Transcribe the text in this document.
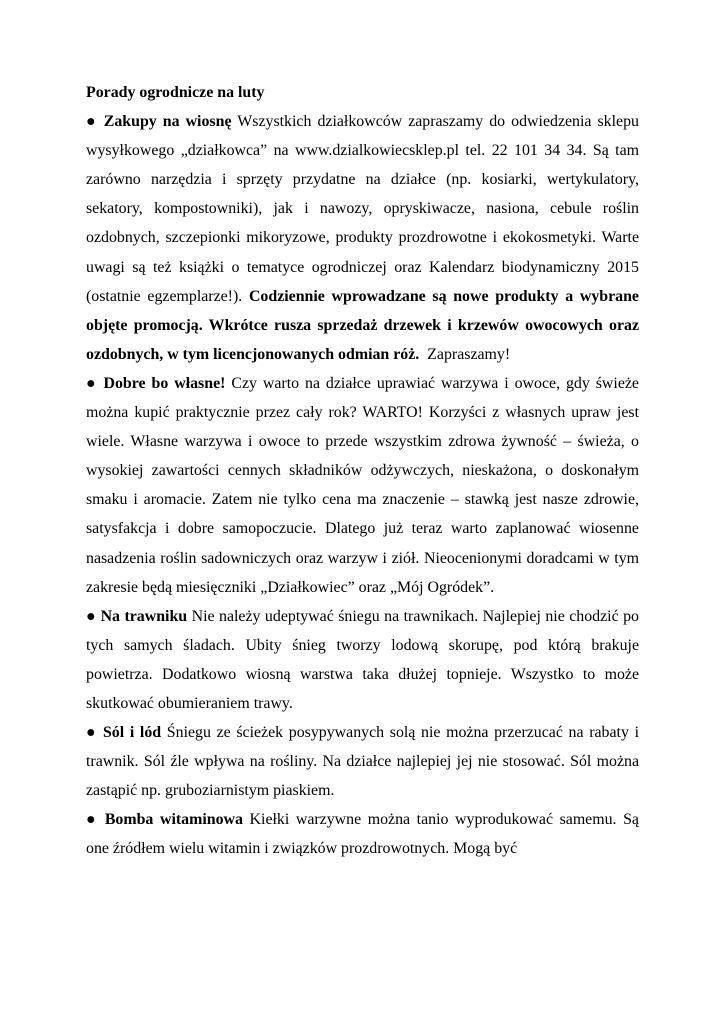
Porady ogrodnicze na luty

● Zakupy na wiosnę Wszystkich działkowców zapraszamy do odwiedzenia sklepu wysyłkowego „działkowca” na www.dzialkowiecsklep.pl tel. 22 101 34 34. Są tam zarówno narzędzia i sprzęty przydatne na działce (np. kosiarki, wertykulatory, sekatory, kompostowniki), jak i nawozy, opryskiwacze, nasiona, cebule roślin ozdobnych, szczepionki mikoryzowe, produkty prozdrowotne i ekokosmetyki. Warte uwagi są też książki o tematyce ogrodniczej oraz Kalendarz biodynamiczny 2015 (ostatnie egzemplarze!). Codziennie wprowadzane są nowe produkty a wybrane objęte promocją. Wkrótce rusza sprzedaż drzewek i krzewów owocowych oraz ozdobnych, w tym licencjonowanych odmian róż. Zapraszamy!

● Dobre bo własne! Czy warto na działce uprawiać warzywa i owoce, gdy świeże można kupić praktycznie przez cały rok? WARTO! Korzyści z własnych upraw jest wiele. Własne warzywa i owoce to przede wszystkim zdrowa żywność – świeża, o wysokiej zawartości cennych składników odżywczych, nieskażona, o doskonałym smaku i aromacie. Zatem nie tylko cena ma znaczenie – stawką jest nasze zdrowie, satysfakcja i dobre samopoczucie. Dlatego już teraz warto zaplanować wiosenne nasadzenia roślin sadowniczych oraz warzyw i ziół. Nieocenionymi doradcami w tym zakresie będą miesięczniki „Działkowiec” oraz „Mój Ogródek”.

● Na trawniku Nie należy udeptywać śniegu na trawnikach. Najlepiej nie chodzić po tych samych śladach. Ubity śnieg tworzy lodową skorupę, pod którą brakuje powietrza. Dodatkowo wiosną warstwa taka dłużej topnieje. Wszystko to może skutkować obumieraniem trawy.

● Sól i lód Śniegu ze ścieżek posypywanych solą nie można przerzucać na rabaty i trawnik. Sól źle wpływa na rośliny. Na działce najlepiej jej nie stosować. Sól można zastąpić np. gruboziarnistym piaskiem.

● Bomba witaminowa Kiełki warzywne można tanio wyprodukować samemu. Są one źródłem wielu witamin i związków prozdrowotnych. Mogą być
